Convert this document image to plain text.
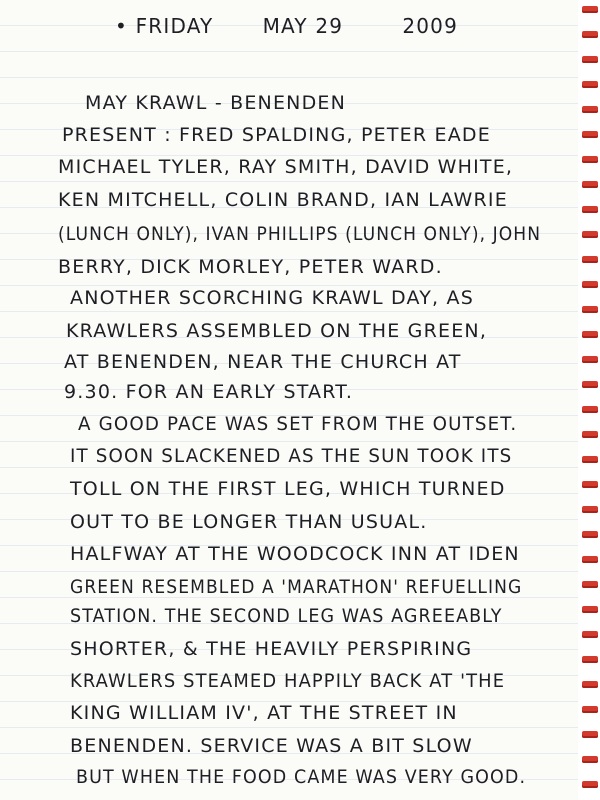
• FRIDAY MAY 29	2009
MAY KRAWL - BENENDEN
PRESENT : FRED SPALDING, PETER EADE
MICHAEL TYLER, RAY SMITH, DAVID WHITE,
KEN MITCHELL, COLIN BRAND, IAN LAWRIE
(LUNCH ONLY), IVAN PHILLIPS (LUNCH ONLY), JOHN
BERRY, DICK MORLEY, PETER WARD.
ANOTHER SCORCHING KRAWL DAY, AS
KRAWLERS ASSEMBLED ON THE GREEN,
AT BENENDEN, NEAR THE CHURCH AT
9.30. FOR AN EARLY START.
A GOOD PACE WAS SET FROM THE OUTSET.
IT SOON SLACKENED AS THE SUN TOOK ITS
TOLL ON THE FIRST LEG, WHICH TURNED
OUT TO BE LONGER THAN USUAL.
HALFWAY AT THE WOODCOCK INN AT IDEN
GREEN RESEMBLED A 'MARATHON' REFUELLING
STATION. THE SECOND LEG WAS AGREEABLY
SHORTER, & THE HEAVILY PERSPIRING
KRAWLERS STEAMED HAPPILY BACK AT 'THE
KING WILLIAM IV', AT THE STREET IN
BENENDEN. SERVICE WAS A BIT SLOW
BUT WHEN THE FOOD CAME WAS VERY GOOD.
